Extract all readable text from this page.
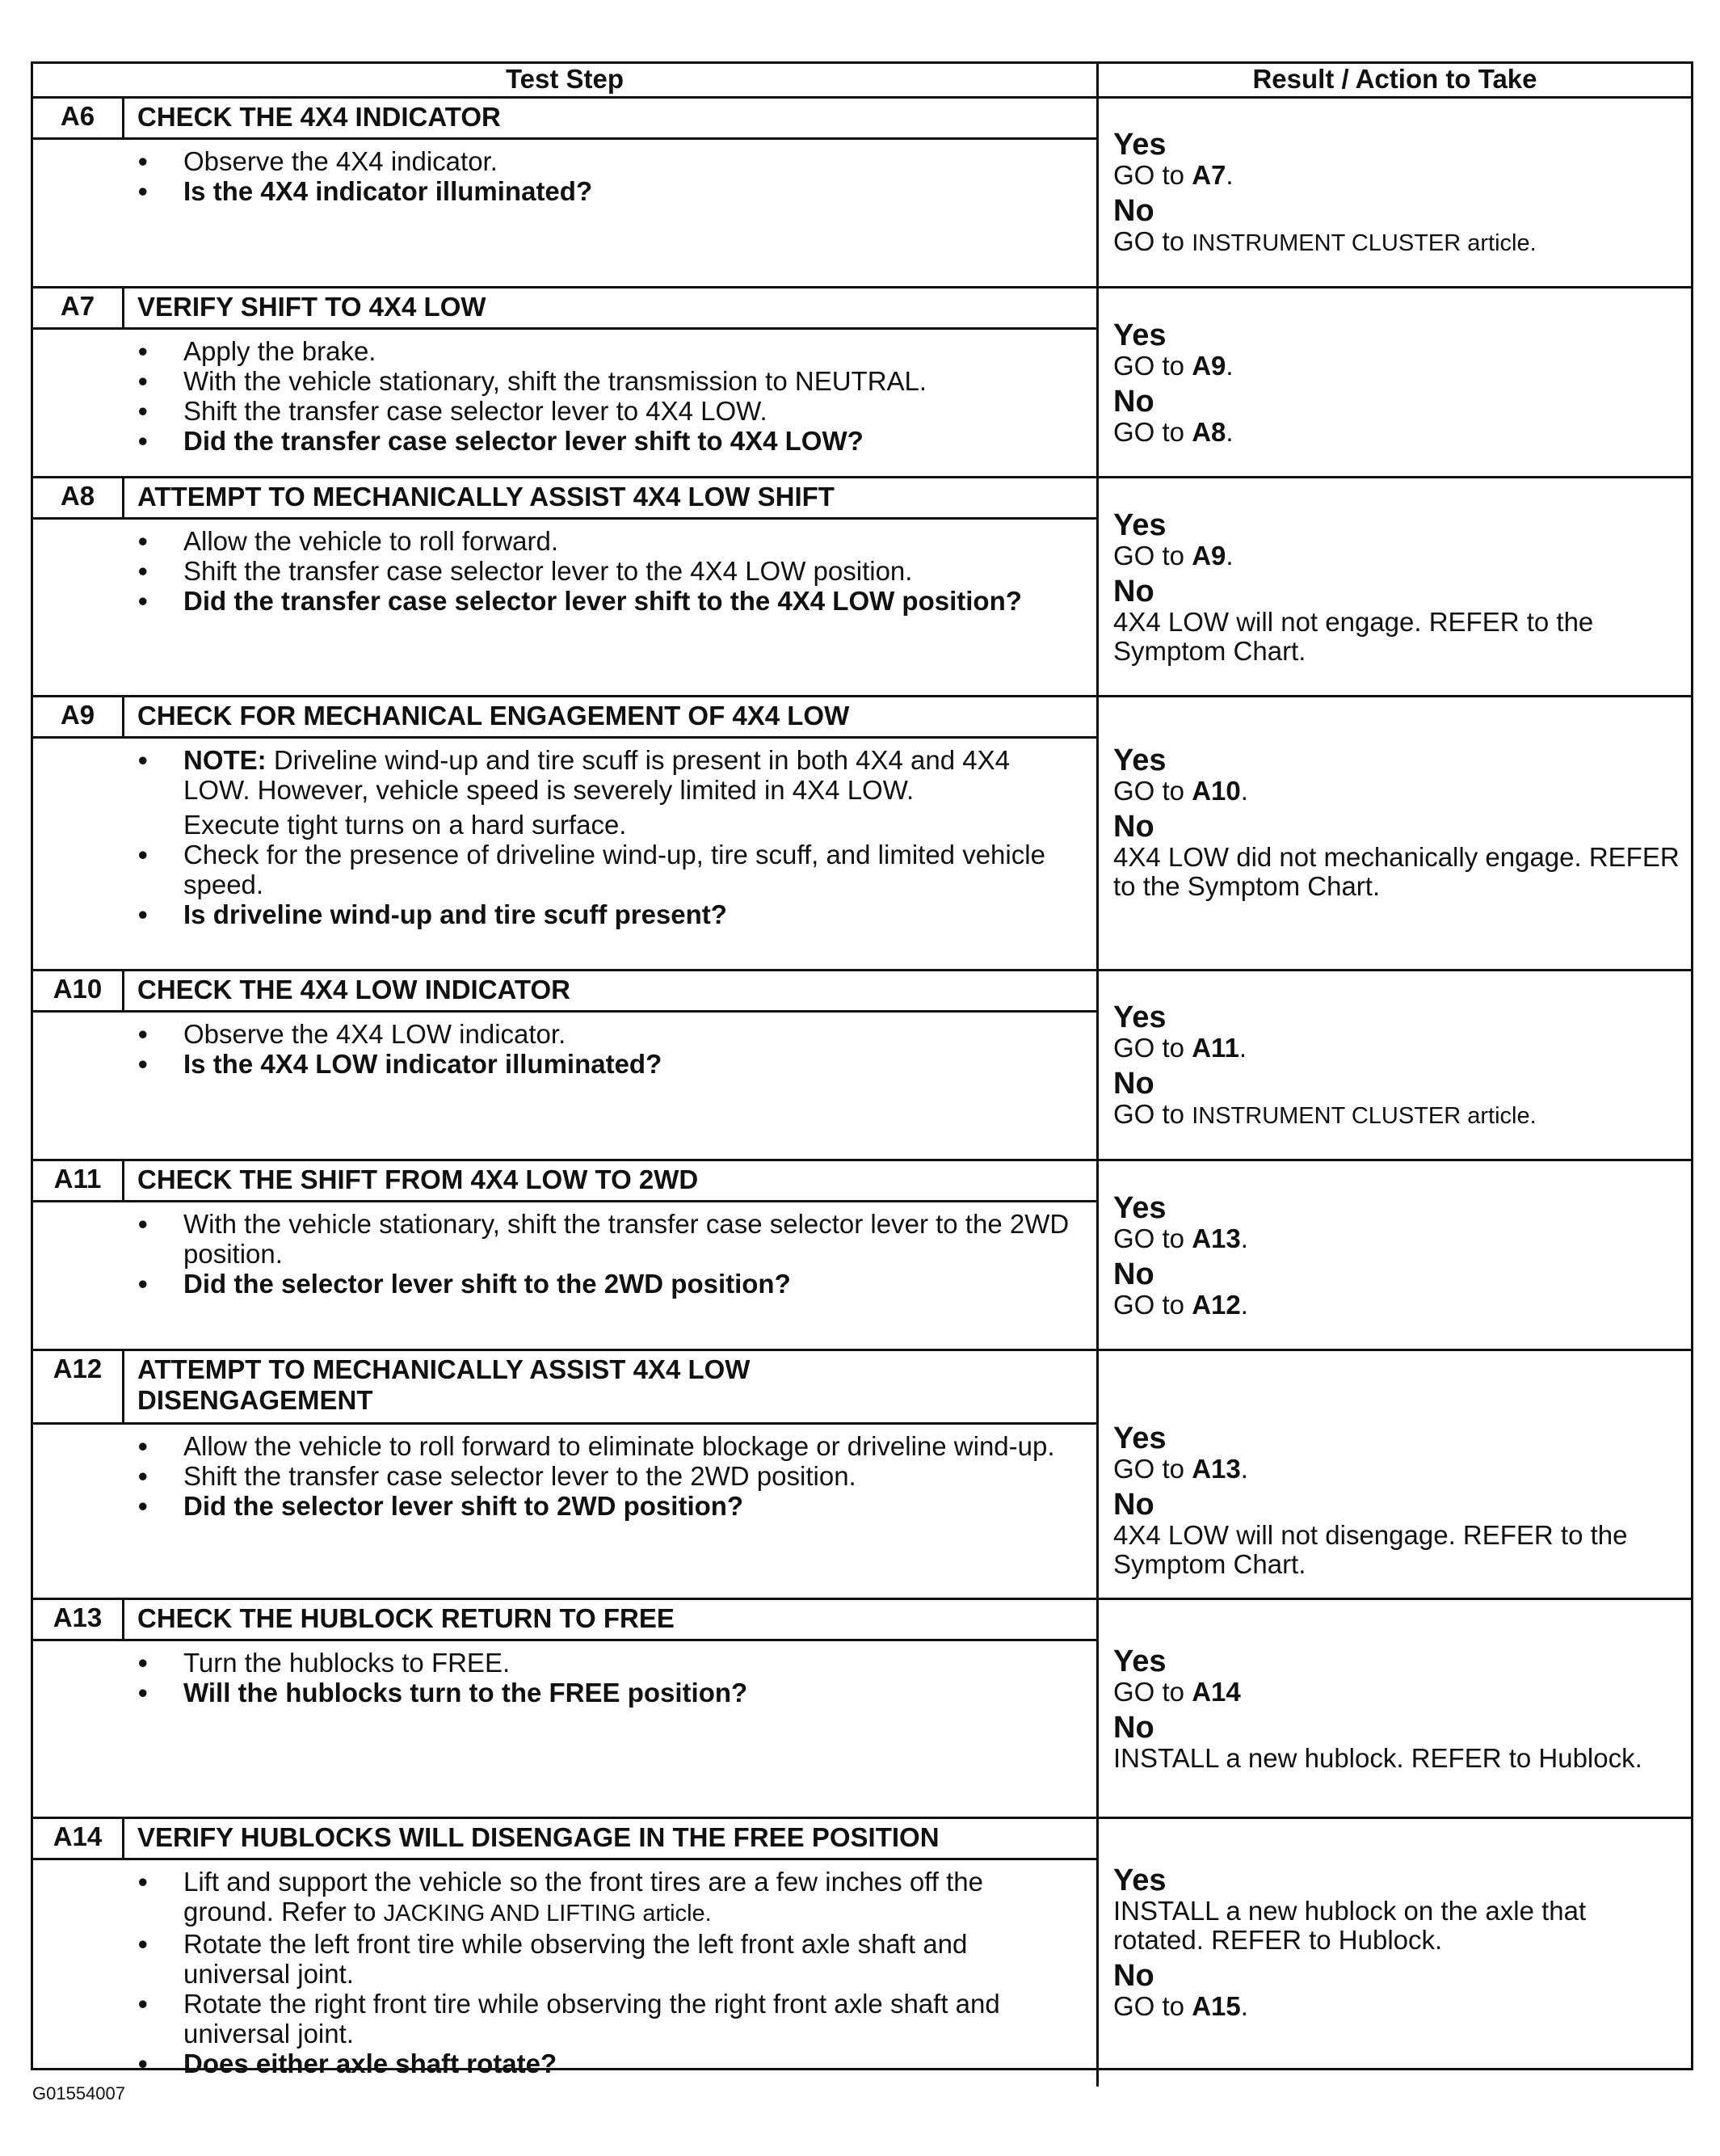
Test Step	Result / Action to Take
A6	CHECK THE 4X4 INDICATOR
• Observe the 4X4 indicator.
• Is the 4X4 indicator illuminated?
Yes
GO to A7.
No
GO to INSTRUMENT CLUSTER article.
A7	VERIFY SHIFT TO 4X4 LOW
• Apply the brake.
• With the vehicle stationary, shift the transmission to NEUTRAL.
• Shift the transfer case selector lever to 4X4 LOW.
• Did the transfer case selector lever shift to 4X4 LOW?
Yes
GO to A9.
No
GO to A8.
A8	ATTEMPT TO MECHANICALLY ASSIST 4X4 LOW SHIFT
• Allow the vehicle to roll forward.
• Shift the transfer case selector lever to the 4X4 LOW position.
• Did the transfer case selector lever shift to the 4X4 LOW position?
Yes
GO to A9.
No
4X4 LOW will not engage. REFER to the Symptom Chart.
A9	CHECK FOR MECHANICAL ENGAGEMENT OF 4X4 LOW
• NOTE: Driveline wind-up and tire scuff is present in both 4X4 and 4X4 LOW. However, vehicle speed is severely limited in 4X4 LOW.
Execute tight turns on a hard surface.
• Check for the presence of driveline wind-up, tire scuff, and limited vehicle speed.
• Is driveline wind-up and tire scuff present?
Yes
GO to A10.
No
4X4 LOW did not mechanically engage. REFER to the Symptom Chart.
A10	CHECK THE 4X4 LOW INDICATOR
• Observe the 4X4 LOW indicator.
• Is the 4X4 LOW indicator illuminated?
Yes
GO to A11.
No
GO to INSTRUMENT CLUSTER article.
A11	CHECK THE SHIFT FROM 4X4 LOW TO 2WD
• With the vehicle stationary, shift the transfer case selector lever to the 2WD position.
• Did the selector lever shift to the 2WD position?
Yes
GO to A13.
No
GO to A12.
A12	ATTEMPT TO MECHANICALLY ASSIST 4X4 LOW DISENGAGEMENT
• Allow the vehicle to roll forward to eliminate blockage or driveline wind-up.
• Shift the transfer case selector lever to the 2WD position.
• Did the selector lever shift to 2WD position?
Yes
GO to A13.
No
4X4 LOW will not disengage. REFER to the Symptom Chart.
A13	CHECK THE HUBLOCK RETURN TO FREE
• Turn the hublocks to FREE.
• Will the hublocks turn to the FREE position?
Yes
GO to A14
No
INSTALL a new hublock. REFER to Hublock.
A14	VERIFY HUBLOCKS WILL DISENGAGE IN THE FREE POSITION
• Lift and support the vehicle so the front tires are a few inches off the ground. Refer to JACKING AND LIFTING article.
• Rotate the left front tire while observing the left front axle shaft and universal joint.
• Rotate the right front tire while observing the right front axle shaft and universal joint.
• Does either axle shaft rotate?
Yes
INSTALL a new hublock on the axle that rotated. REFER to Hublock.
No
GO to A15.
G01554007
